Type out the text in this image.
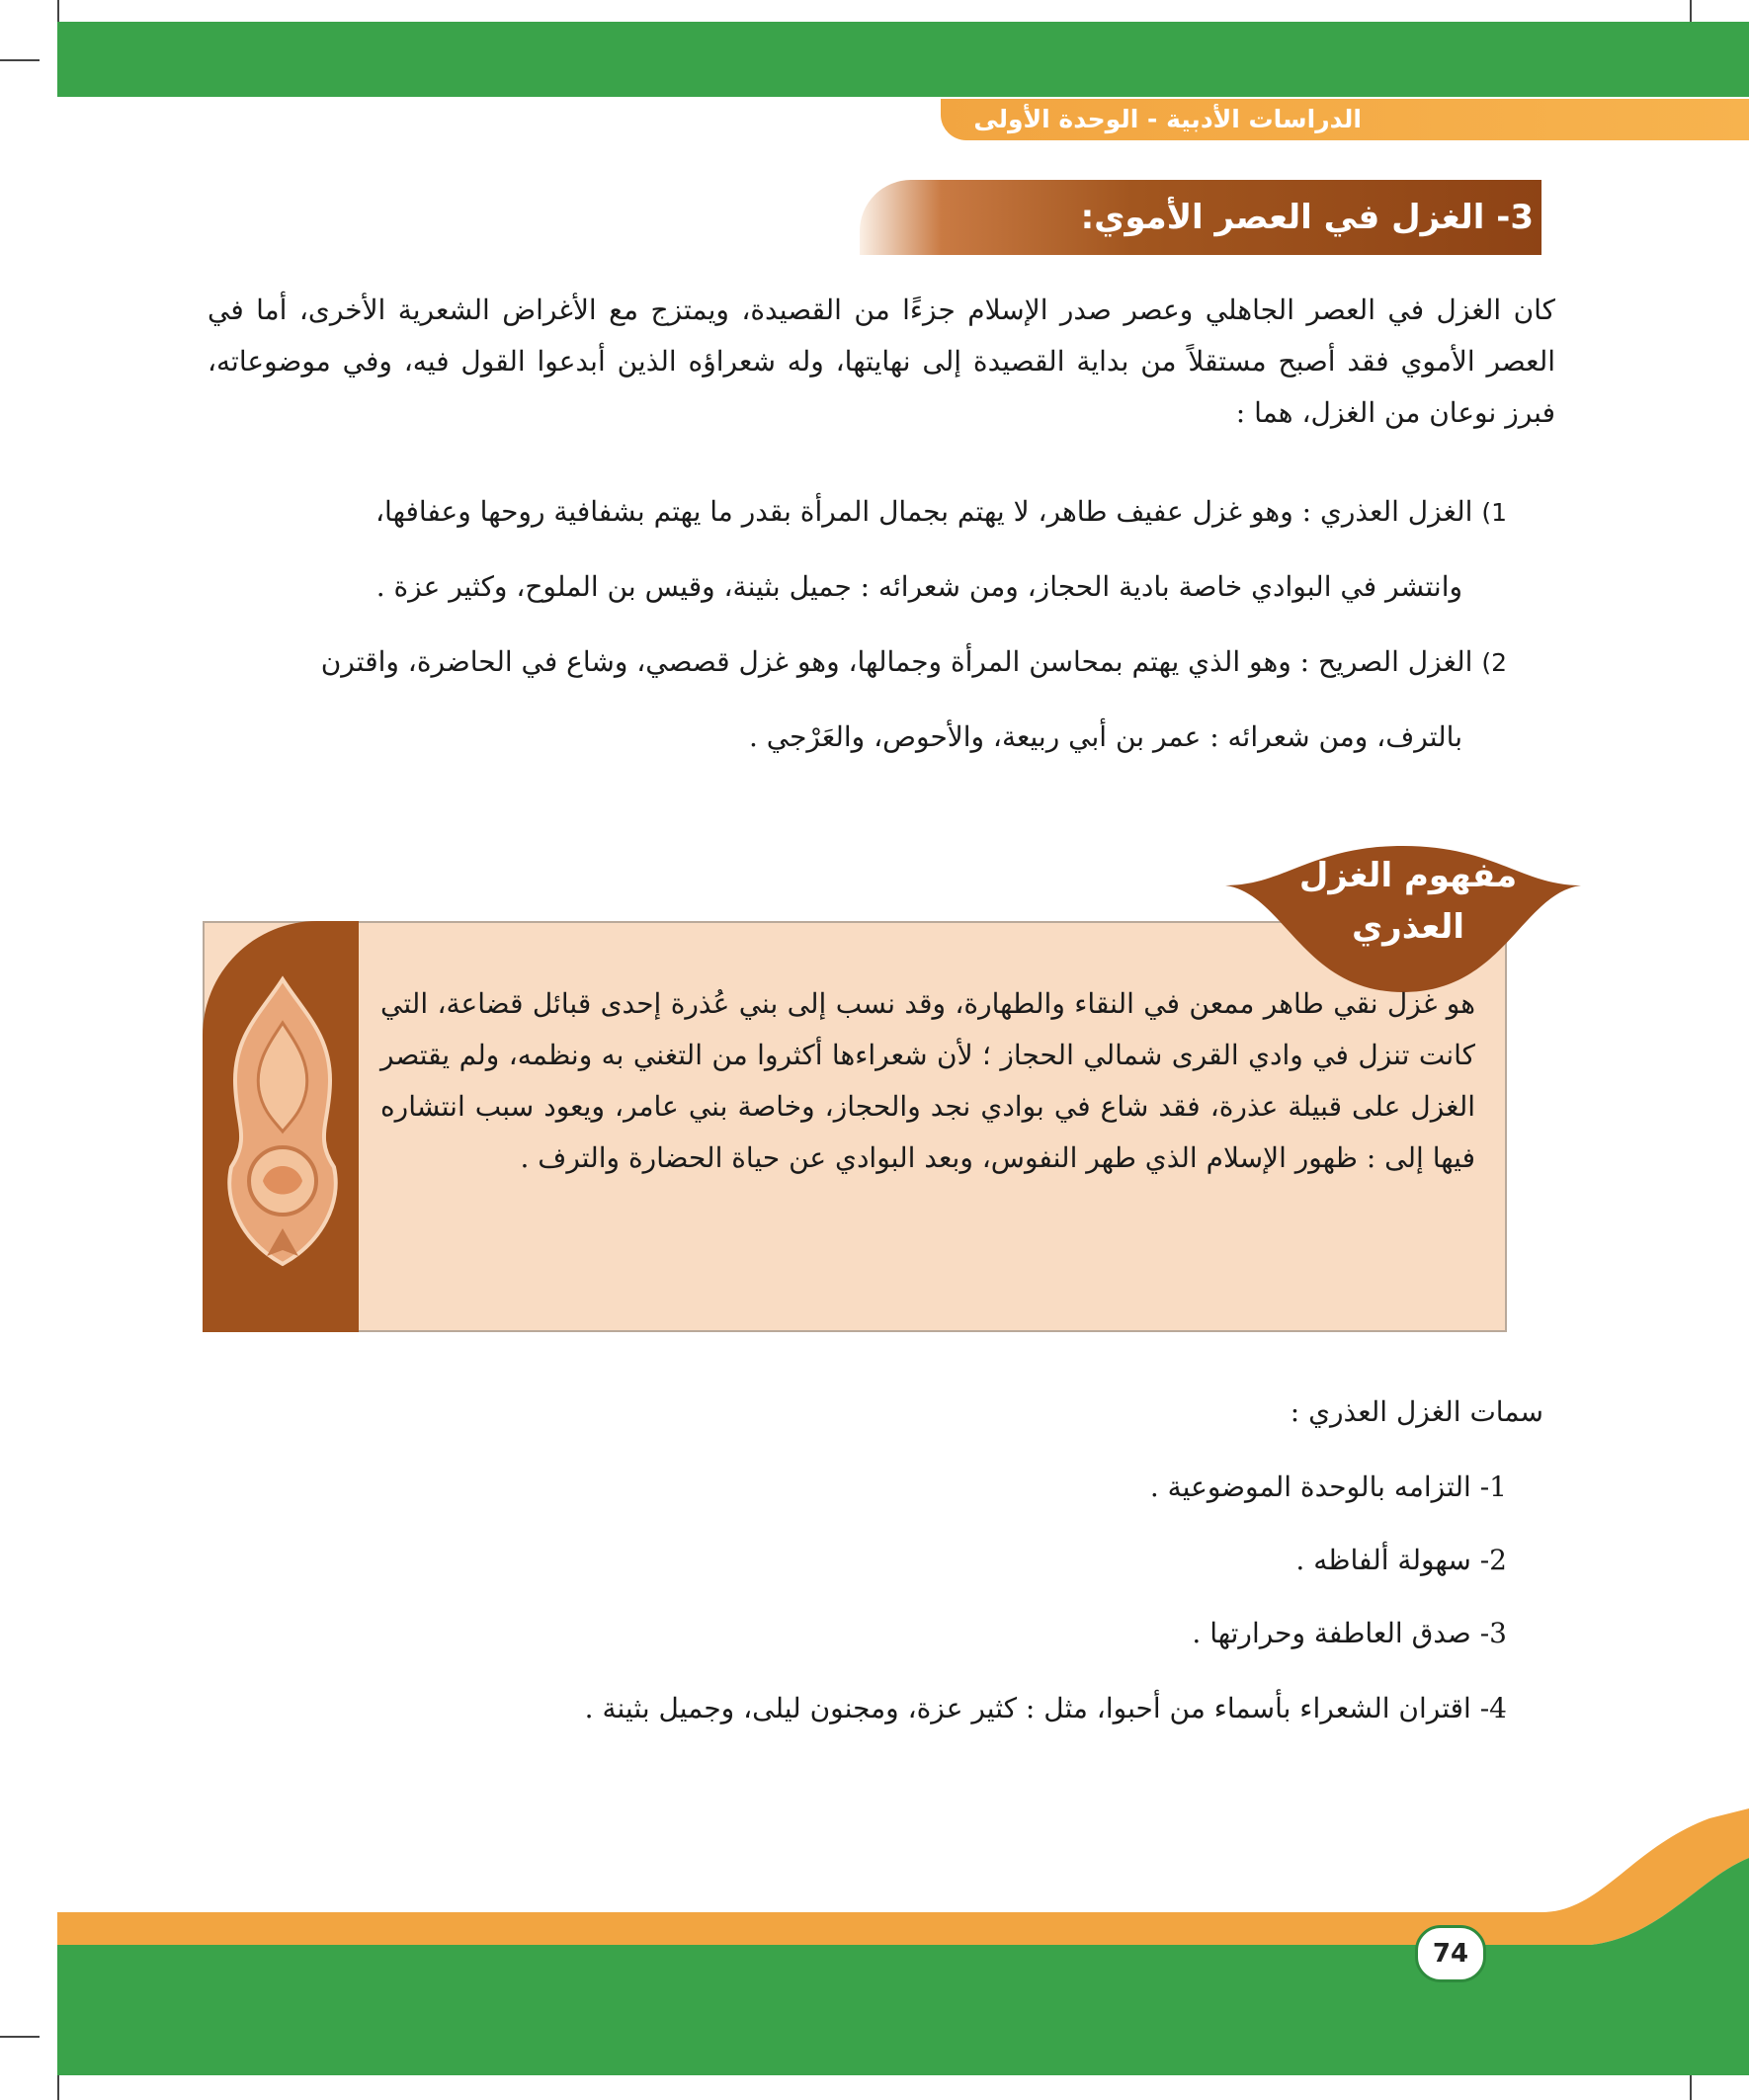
الدراسات الأدبية - الوحدة الأولى
3- الغزل في العصر الأموي:
كان الغزل في العصر الجاهلي وعصر صدر الإسلام جزءًا من القصيدة، ويمتزج مع الأغراض الشعرية الأخرى، أما في العصر الأموي فقد أصبح مستقلاً من بداية القصيدة إلى نهايتها، وله شعراؤه الذين أبدعوا القول فيه، وفي موضوعاته، فبرز نوعان من الغزل، هما :
1) الغزل العذري : وهو غزل عفيف طاهر، لا يهتم بجمال المرأة بقدر ما يهتم بشفافية روحها وعفافها،
وانتشر في البوادي خاصة بادية الحجاز، ومن شعرائه : جميل بثينة، وقيس بن الملوح، وكثير عزة .
2) الغزل الصريح : وهو الذي يهتم بمحاسن المرأة وجمالها، وهو غزل قصصي، وشاع في الحاضرة، واقترن
بالترف، ومن شعرائه : عمر بن أبي ربيعة، والأحوص، والعَرْجي .
مفهوم الغزل
العذري
هو غزل نقي طاهر ممعن في النقاء والطهارة، وقد نسب إلى بني عُذرة إحدى قبائل قضاعة، التي كانت تنزل في وادي القرى شمالي الحجاز ؛ لأن شعراءها أكثروا من التغني به ونظمه، ولم يقتصر الغزل على قبيلة عذرة، فقد شاع في بوادي نجد والحجاز، وخاصة بني عامر، ويعود سبب انتشاره فيها إلى : ظهور الإسلام الذي طهر النفوس، وبعد البوادي عن حياة الحضارة والترف .
سمات الغزل العذري :
1- التزامه بالوحدة الموضوعية .
2- سهولة ألفاظه .
3- صدق العاطفة وحرارتها .
4- اقتران الشعراء بأسماء من أحبوا، مثل : كثير عزة، ومجنون ليلى، وجميل بثينة .
74
